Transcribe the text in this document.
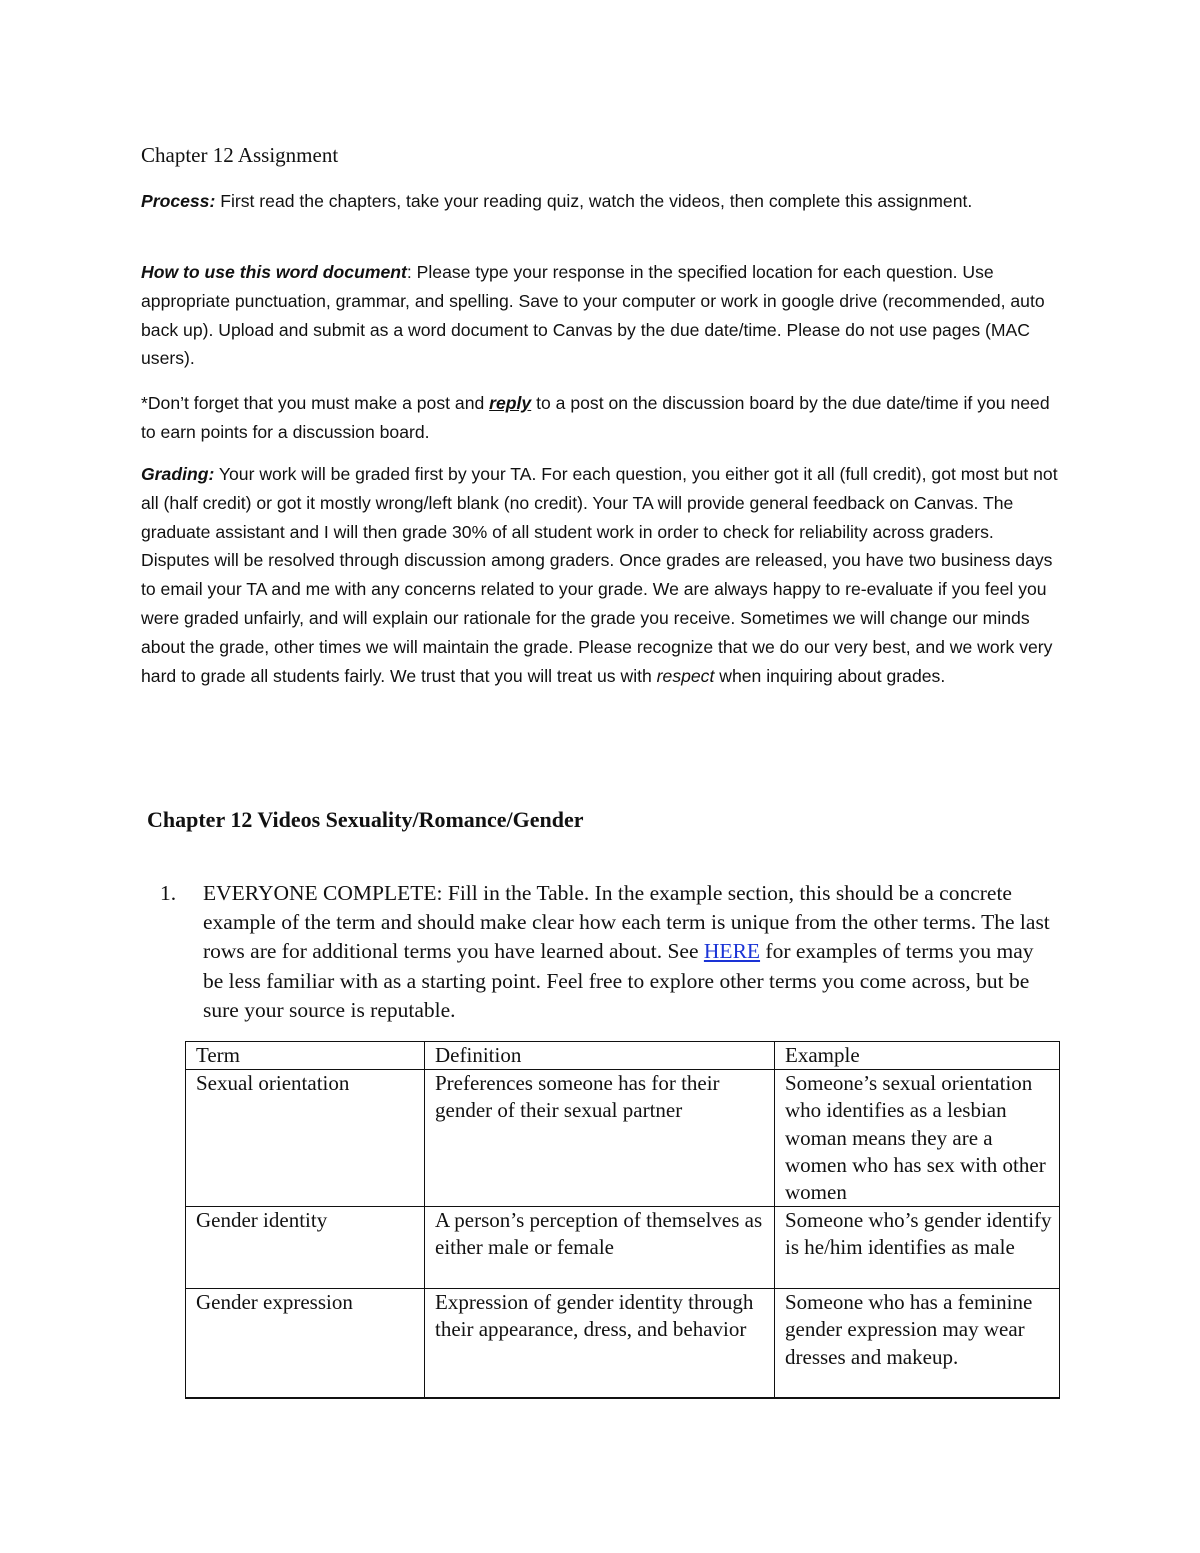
Chapter 12 Assignment

Process: First read the chapters, take your reading quiz, watch the videos, then complete this assignment.

How to use this word document: Please type your response in the specified location for each question. Use appropriate punctuation, grammar, and spelling. Save to your computer or work in google drive (recommended, auto back up). Upload and submit as a word document to Canvas by the due date/time. Please do not use pages (MAC users).

*Don’t forget that you must make a post and reply to a post on the discussion board by the due date/time if you need to earn points for a discussion board.

Grading: Your work will be graded first by your TA. For each question, you either got it all (full credit), got most but not all (half credit) or got it mostly wrong/left blank (no credit). Your TA will provide general feedback on Canvas. The graduate assistant and I will then grade 30% of all student work in order to check for reliability across graders. Disputes will be resolved through discussion among graders. Once grades are released, you have two business days to email your TA and me with any concerns related to your grade. We are always happy to re-evaluate if you feel you were graded unfairly, and will explain our rationale for the grade you receive. Sometimes we will change our minds about the grade, other times we will maintain the grade. Please recognize that we do our very best, and we work very hard to grade all students fairly. We trust that you will treat us with respect when inquiring about grades.

Chapter 12 Videos Sexuality/Romance/Gender
1. EVERYONE COMPLETE: Fill in the Table. In the example section, this should be a concrete example of the term and should make clear how each term is unique from the other terms. The last rows are for additional terms you have learned about. See HERE for examples of terms you may be less familiar with as a starting point. Feel free to explore other terms you come across, but be sure your source is reputable.
Term	Definition	Example
Sexual orientation	Preferences someone has for their gender of their sexual partner	Someone’s sexual orientation who identifies as a lesbian woman means they are a women who has sex with other women
Gender identity	A person’s perception of themselves as either male or female	Someone who’s gender identify is he/him identifies as male
Gender expression	Expression of gender identity through their appearance, dress, and behavior	Someone who has a feminine gender expression may wear dresses and makeup.
